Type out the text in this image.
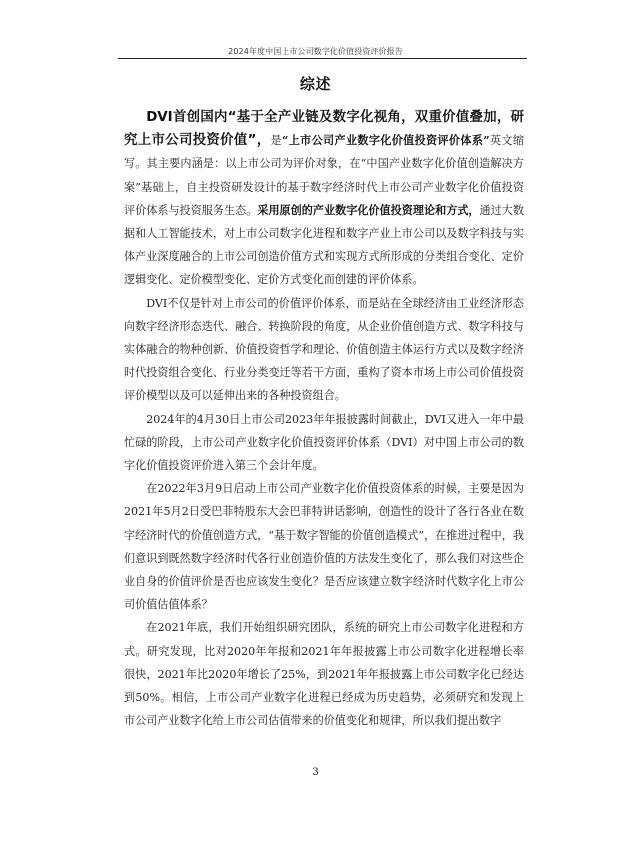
2024年度中国上市公司数字化价值投资评价报告
综述

DVI首创国内“基于全产业链及数字化视角，双重价值叠加，研究上市公司投资价值”，是“上市公司产业数字化价值投资评价体系”英文缩写。其主要内涵是：以上市公司为评价对象，在“中国产业数字化价值创造解决方案”基础上，自主投资研发设计的基于数字经济时代上市公司产业数字化价值投资评价体系与投资服务生态。采用原创的产业数字化价值投资理论和方式，通过大数据和人工智能技术，对上市公司数字化进程和数字产业上市公司以及数字科技与实体产业深度融合的上市公司创造价值方式和实现方式所形成的分类组合变化、定价逻辑变化、定价模型变化、定价方式变化而创建的评价体系。

DVI不仅是针对上市公司的价值评价体系，而是站在全球经济由工业经济形态向数字经济形态迭代、融合、转换阶段的角度，从企业价值创造方式、数字科技与实体融合的物种创新、价值投资哲学和理论、价值创造主体运行方式以及数字经济时代投资组合变化、行业分类变迁等若干方面，重构了资本市场上市公司价值投资评价模型以及可以延伸出来的各种投资组合。

2024年的4月30日上市公司2023年年报披露时间截止，DVI又进入一年中最忙碌的阶段，上市公司产业数字化价值投资评价体系（DVI）对中国上市公司的数字化价值投资评价进入第三个会计年度。

在2022年3月9日启动上市公司产业数字化价值投资体系的时候，主要是因为2021年5月2日受巴菲特股东大会巴菲特讲话影响，创造性的设计了各行各业在数字经济时代的价值创造方式，“基于数字智能的价值创造模式”，在推进过程中，我们意识到既然数字经济时代各行业创造价值的方法发生变化了，那么我们对这些企业自身的价值评价是否也应该发生变化？是否应该建立数字经济时代数字化上市公司价值估值体系？

在2021年底，我们开始组织研究团队，系统的研究上市公司数字化进程和方式。研究发现，比对2020年年报和2021年年报披露上市公司数字化进程增长率很快，2021年比2020年增长了25%，到2021年年报披露上市公司数字化已经达到50%。相信，上市公司产业数字化进程已经成为历史趋势，必须研究和发现上市公司产业数字化给上市公司估值带来的价值变化和规律，所以我们提出数字

3
